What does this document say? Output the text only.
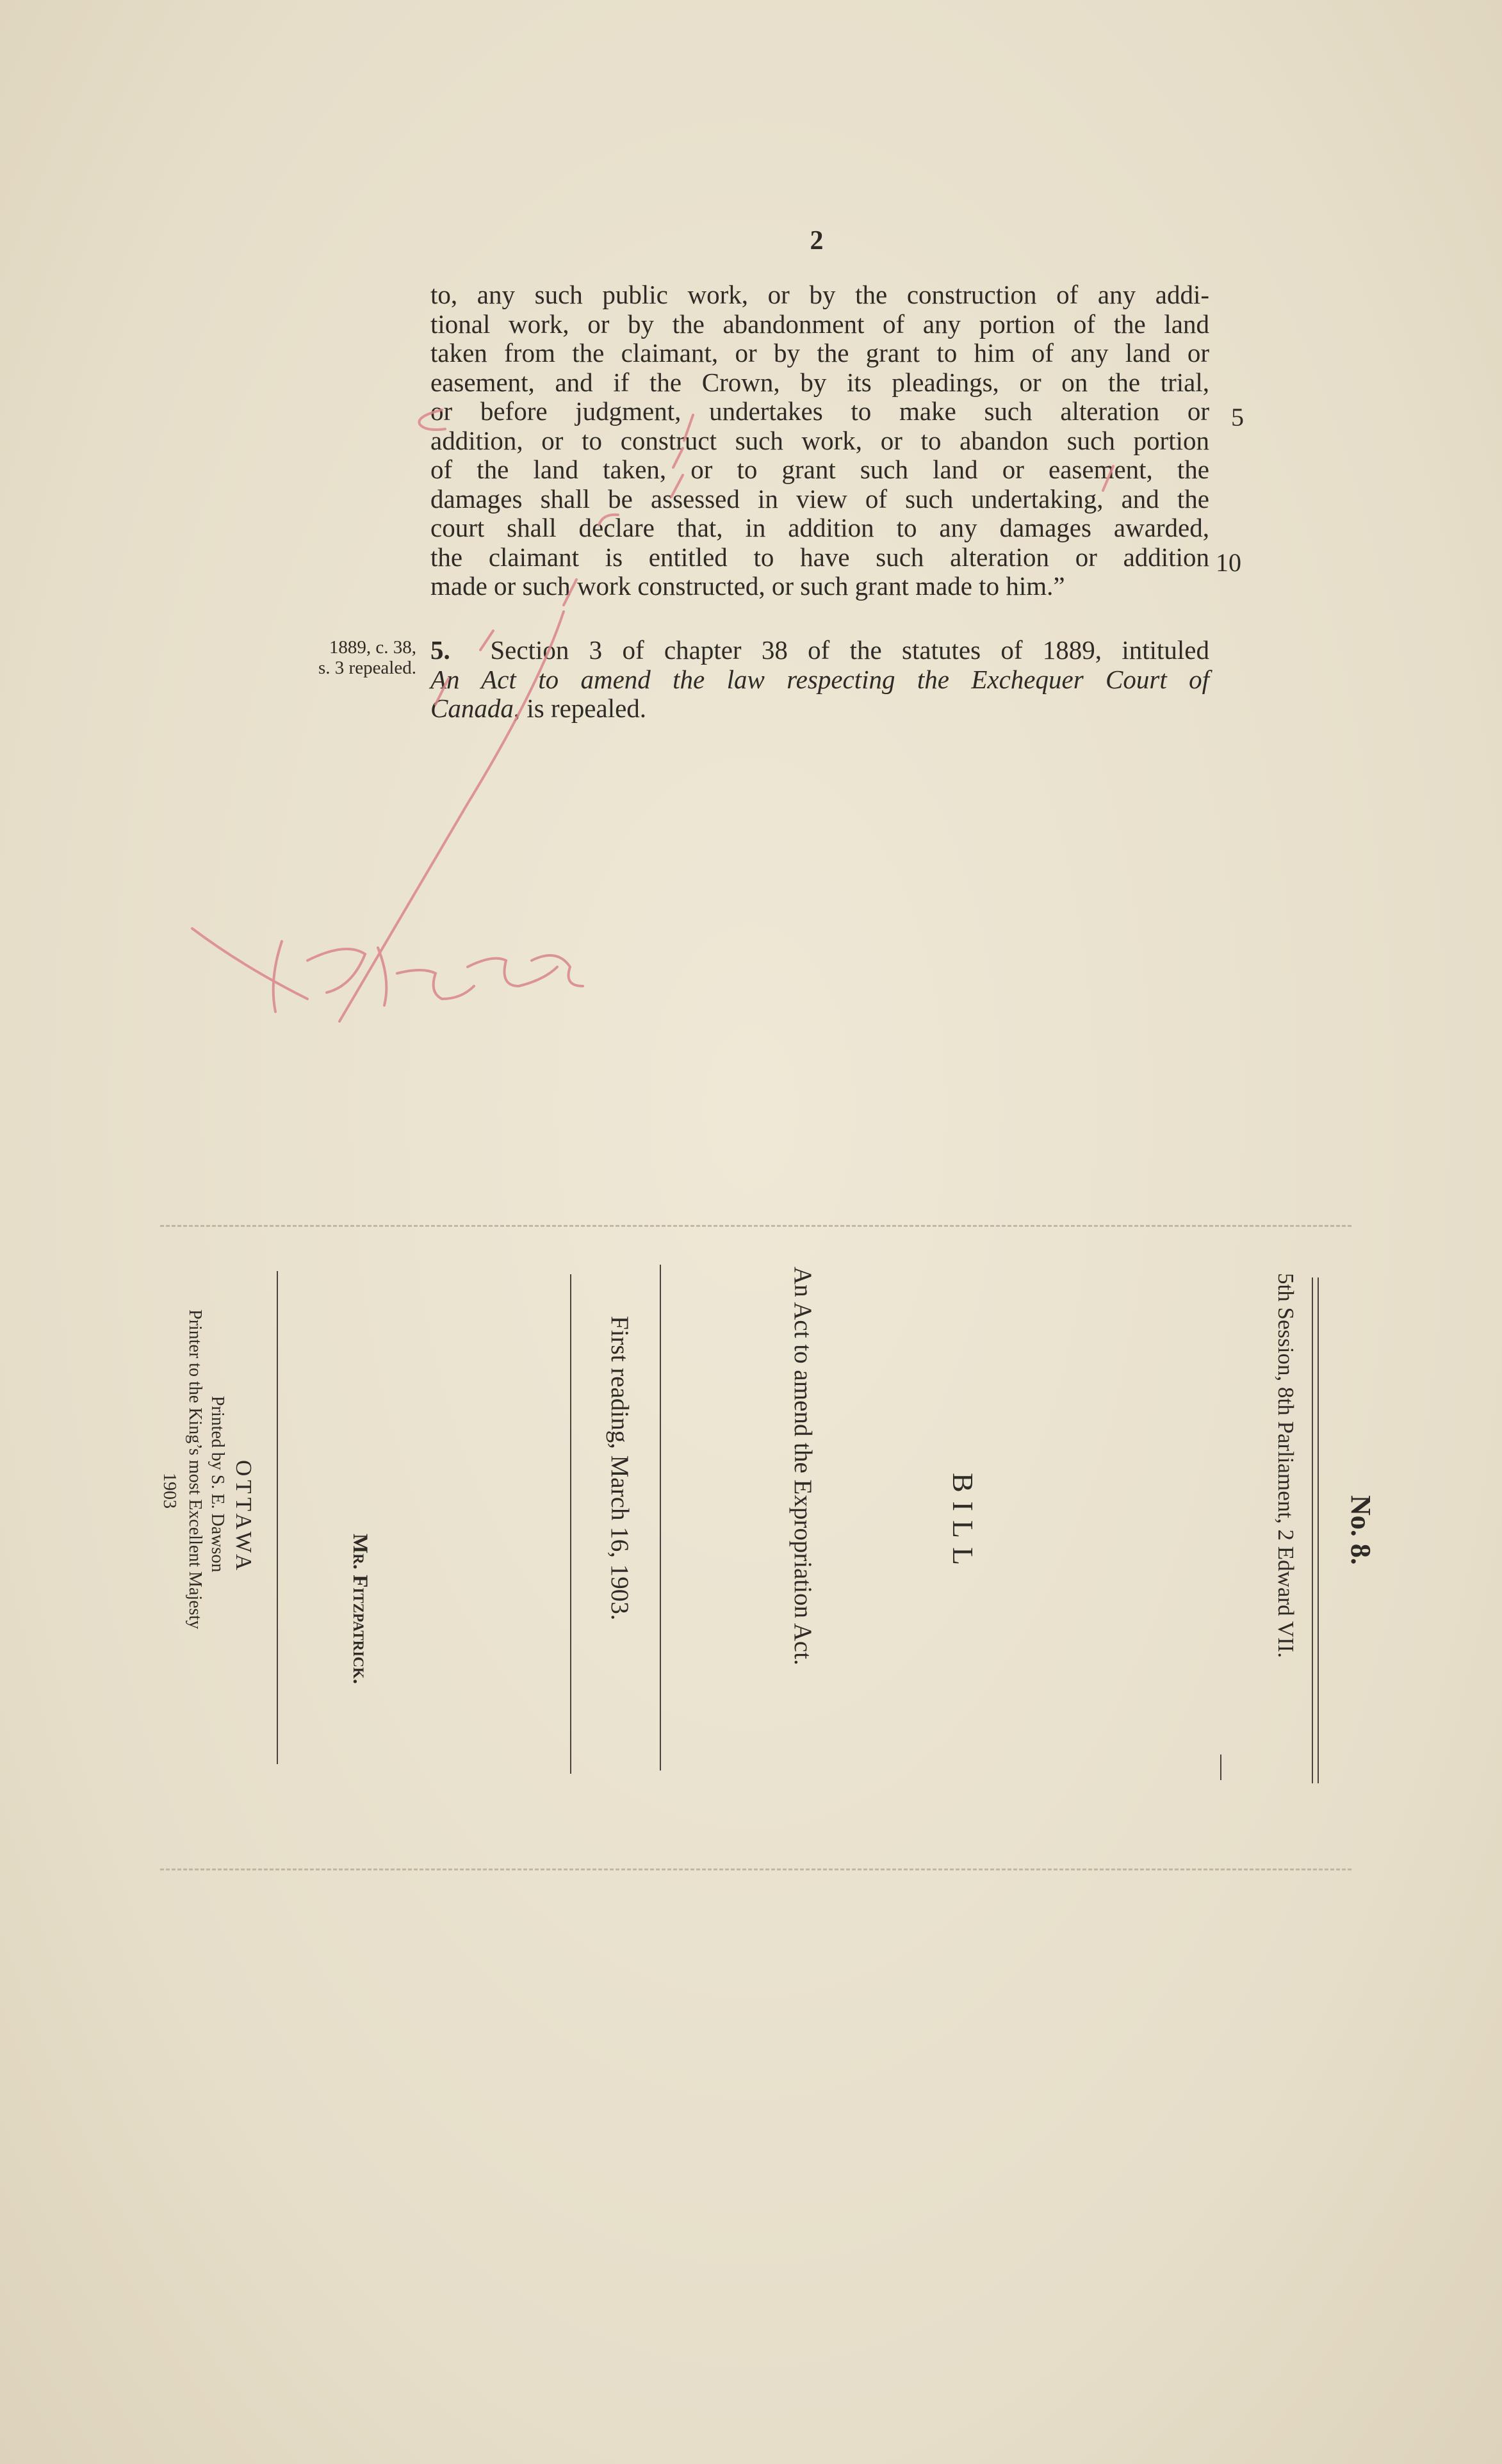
2
to, any such public work, or by the construction of any addi-
tional work, or by the abandonment of any portion of the land
taken from the claimant, or by the grant to him of any land or
easement, and if the Crown, by its pleadings, or on the trial,
or before judgment, undertakes to make such alteration or
addition, or to construct such work, or to abandon such portion
of the land taken, or to grant such land or easement, the
damages shall be assessed in view of such undertaking, and the
court shall declare that, in addition to any damages awarded,
the claimant is entitled to have such alteration or addition
made or such work constructed, or such grant made to him.”
5
10
1889, c. 38,
s. 3 repealed.
5. Section 3 of chapter 38 of the statutes of 1889, intituled
An Act to amend the law respecting the Exchequer Court of
Canada, is repealed.
No. 8.
5th Session, 8th Parliament, 2 Edward VII.
BILL
An Act to amend the Expropriation Act.
First reading, March 16, 1903.
Mr. Fitzpatrick.
OTTAWA
Printed by S. E. Dawson
Printer to the King’s most Excellent Majesty
1903
